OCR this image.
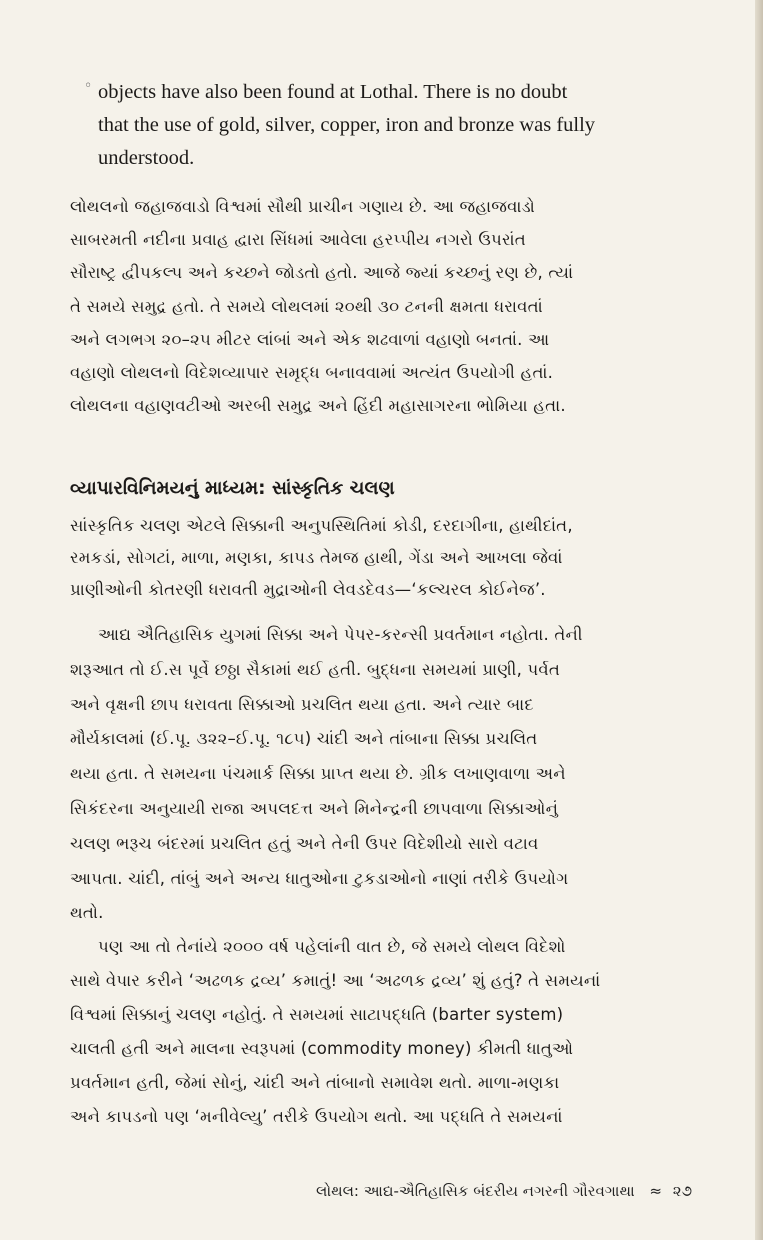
◦ objects have also been found at Lothal. There is no doubt
that the use of gold, silver, copper, iron and bronze was fully
understood.
લોથલનો જહાજવાડો વિશ્વમાં સૌથી પ્રાચીન ગણાય છે. આ જહાજવાડો
સાબરમતી નદીના પ્રવાહ દ્વારા સિંધમાં આવેલા હરપ્પીય નગરો ઉપરાંત
સૌરાષ્ટ્ર દ્વીપકલ્પ અને કચ્છને જોડતો હતો. આજે જ્યાં કચ્છનું રણ છે, ત્યાં
તે સમયે સમુદ્ર હતો. તે સમયે લોથલમાં ૨૦થી ૩૦ ટનની ક્ષમતા ધરાવતાં
અને લગભગ ૨૦–૨૫ મીટર લાંબાં અને એક શઢવાળાં વહાણો બનતાં. આ
વહાણો લોથલનો વિદેશવ્યાપાર સમૃદ્ધ બનાવવામાં અત્યંત ઉપયોગી હતાં.
લોથલના વહાણવટીઓ અરબી સમુદ્ર અને હિંદી મહાસાગરના ભોમિયા હતા.
વ્યાપારવિનિમયનું માધ્યમ: સાંસ્કૃતિક ચલણ
સાંસ્કૃતિક ચલણ એટલે સિક્કાની અનુપસ્થિતિમાં કોડી, દરદાગીના, હાથીદાંત,
રમકડાં, સોગટાં, માળા, મણકા, કાપડ તેમજ હાથી, ગેંડા અને આખલા જેવાં
પ્રાણીઓની કોતરણી ધરાવતી મુદ્રાઓની લેવડદેવડ—‘કલ્ચરલ કોઈનેજ’.
આદ્ય ઐતિહાસિક યુગમાં સિક્કા અને પેપર-કરન્સી પ્રવર્તમાન નહોતા. તેની
શરૂઆત તો ઈ.સ પૂર્વે છઠ્ઠા સૈકામાં થઈ હતી. બુદ્ધના સમયમાં પ્રાણી, પર્વત
અને વૃક્ષની છાપ ધરાવતા સિક્કાઓ પ્રચલિત થયા હતા. અને ત્યાર બાદ
મૌર્યકાલમાં (ઈ.પૂ. ૩૨૨–ઈ.પૂ. ૧૮૫) ચાંદી અને તાંબાના સિક્કા પ્રચલિત
થયા હતા. તે સમયના પંચમાર્ક સિક્કા પ્રાપ્ત થયા છે. ગ્રીક લખાણવાળા અને
સિકંદરના અનુયાયી રાજા અપલદત્ત અને મિનેન્દ્રની છાપવાળા સિક્કાઓનું
ચલણ ભરૂચ બંદરમાં પ્રચલિત હતું અને તેની ઉપર વિદેશીયો સારો વટાવ
આપતા. ચાંદી, તાંબું અને અન્ય ધાતુઓના ટુકડાઓનો નાણાં તરીકે ઉપયોગ
થતો.
પણ આ તો તેનાંયે ૨૦૦૦ વર્ષ પહેલાંની વાત છે, જે સમયે લોથલ વિદેશો
સાથે વેપાર કરીને ‘અઢળક દ્રવ્ય’ કમાતું! આ ‘અઢળક દ્રવ્ય’ શું હતું? તે સમયનાં
વિશ્વમાં સિક્કાનું ચલણ નહોતું. તે સમયમાં સાટાપદ્ધતિ (barter system)
ચાલતી હતી અને માલના સ્વરૂપમાં (commodity money) કીમતી ધાતુઓ
પ્રવર્તમાન હતી, જેમાં સોનું, ચાંદી અને તાંબાનો સમાવેશ થતો. માળા-મણકા
અને કાપડનો પણ ‘મનીવેલ્યુ’ તરીકે ઉપયોગ થતો. આ પદ્ધતિ તે સમયનાં
લોથલ: આદ્ય-ઐતિહાસિક બંદરીય નગરની ગૌરવગાથા ≈ ૨૭
